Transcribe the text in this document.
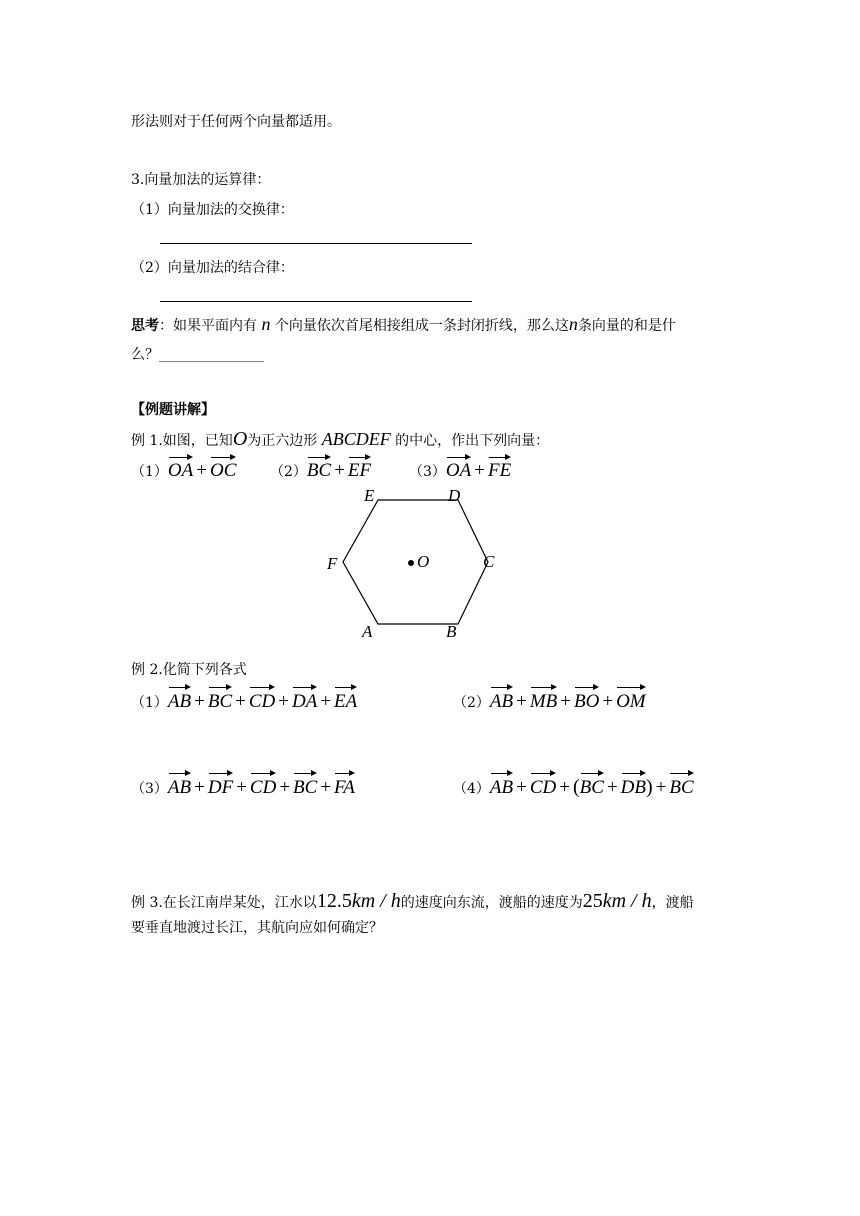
形法则对于任何两个向量都适用。
3.向量加法的运算律：
（1）向量加法的交换律：
（2）向量加法的结合律：
思考：如果平面内有 n 个向量依次首尾相接组成一条封闭折线，那么这n条向量的和是什
么？_______________
【例题讲解】
例 1.如图，已知O为正六边形 ABCDEF 的中心，作出下列向量：
（1）OA + OC （2）BC + EF	（3）OA + FE
E	D
F	O	C
A	B
例 2.化简下列各式
（1）AB + BC + CD + DA + EA	（2）AB + MB + BO + OM
（3）AB + DF + CD + BC + FA	（4）AB + CD + (BC + DB) + BC
例 3.在长江南岸某处，江水以12.5km / h的速度向东流，渡船的速度为25km / h，渡船
要垂直地渡过长江，其航向应如何确定？
